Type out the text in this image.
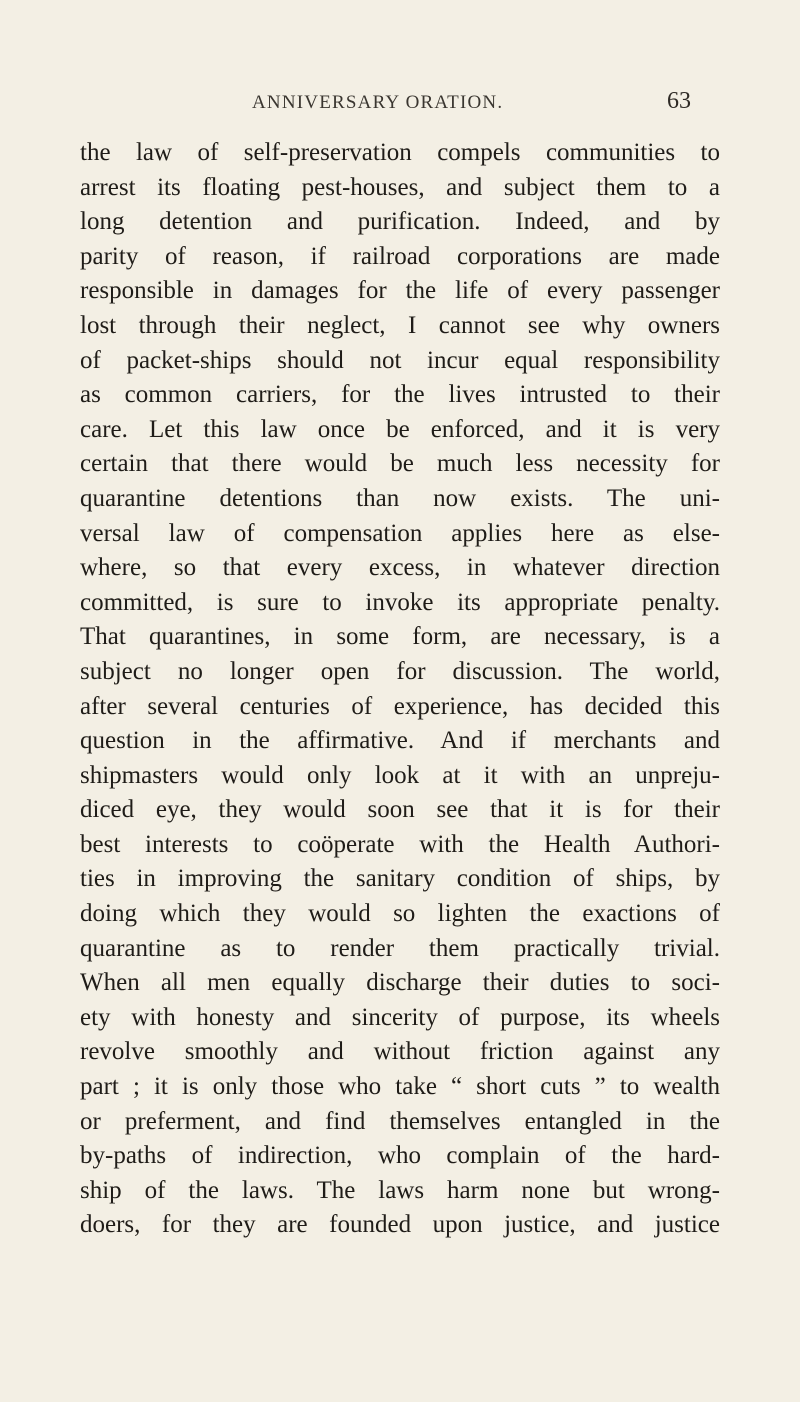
ANNIVERSARY ORATION.	63
the law of self-preservation compels communities to
arrest its floating pest-houses, and subject them to a
long detention and purification. Indeed, and by
parity of reason, if railroad corporations are made
responsible in damages for the life of every passenger
lost through their neglect, I cannot see why owners
of packet-ships should not incur equal responsibility
as common carriers, for the lives intrusted to their
care. Let this law once be enforced, and it is very
certain that there would be much less necessity for
quarantine detentions than now exists. The uni-
versal law of compensation applies here as else-
where, so that every excess, in whatever direction
committed, is sure to invoke its appropriate penalty.
That quarantines, in some form, are necessary, is a
subject no longer open for discussion. The world,
after several centuries of experience, has decided this
question in the affirmative. And if merchants and
shipmasters would only look at it with an unpreju-
diced eye, they would soon see that it is for their
best interests to coöperate with the Health Authori-
ties in improving the sanitary condition of ships, by
doing which they would so lighten the exactions of
quarantine as to render them practically trivial.
When all men equally discharge their duties to soci-
ety with honesty and sincerity of purpose, its wheels
revolve smoothly and without friction against any
part ; it is only those who take “ short cuts ” to wealth
or preferment, and find themselves entangled in the
by-paths of indirection, who complain of the hard-
ship of the laws. The laws harm none but wrong-
doers, for they are founded upon justice, and justice
